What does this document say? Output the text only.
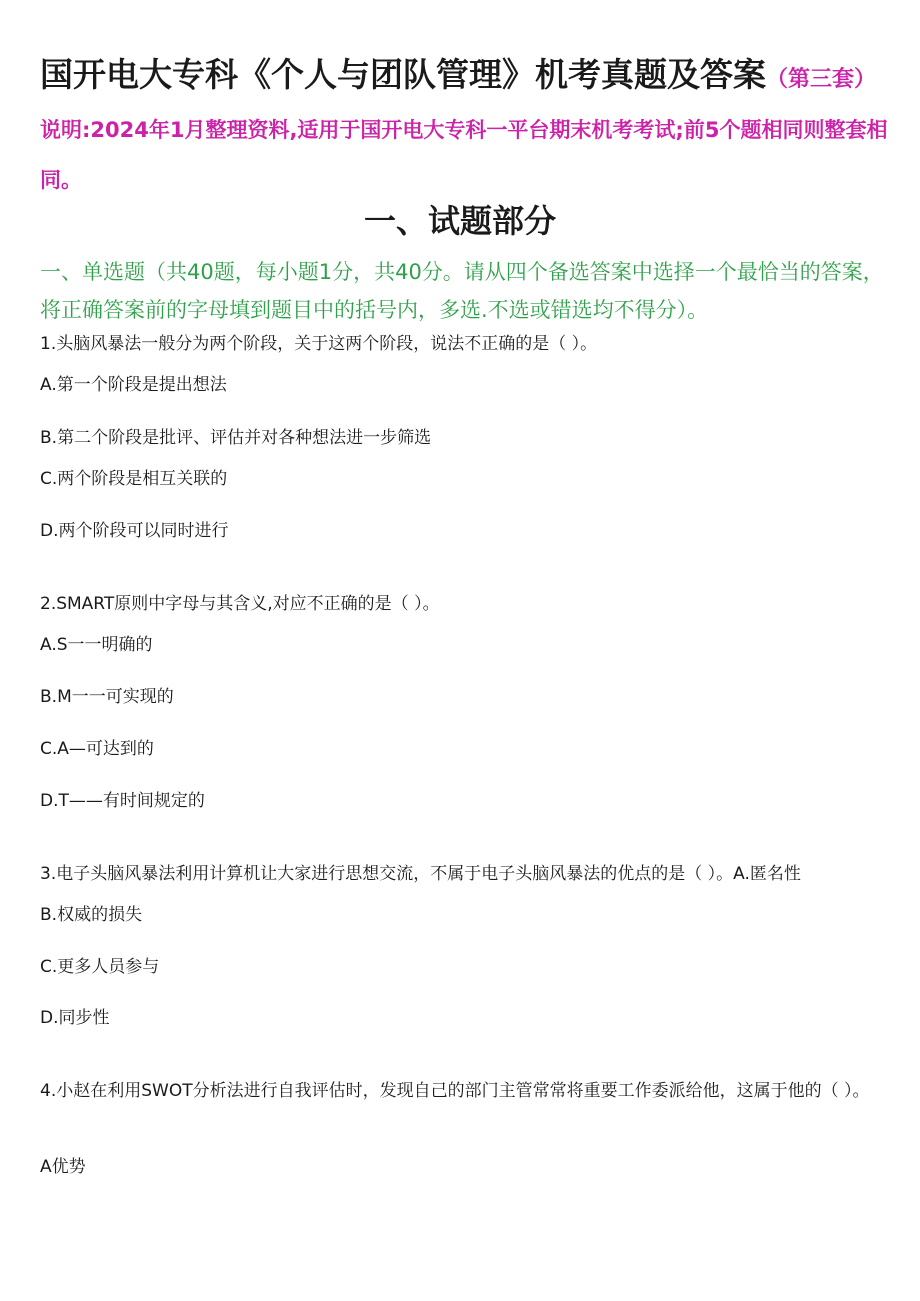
国开电大专科《个人与团队管理》机考真题及答案（第三套）说明:2024年1月整理资料,适用于国开电大专科一平台期末机考考试;前5个题相同则整套相同。
一、试题部分

一、单选题（共40题，每小题1分，共40分。请从四个备选答案中选择一个最恰当的答案，将正确答案前的字母填到题目中的括号内，多选.不选或错选均不得分）。

1.头脑风暴法一般分为两个阶段，关于这两个阶段，说法不正确的是（ ）。

A.第一个阶段是提出想法

B.第二个阶段是批评、评估并对各种想法进一步筛选

C.两个阶段是相互关联的

D.两个阶段可以同时进行

2.SMART原则中字母与其含义,对应不正确的是（ ）。

A.S一一明确的

B.M一一可实现的

C.A—可达到的

D.T——有时间规定的

3.电子头脑风暴法利用计算机让大家进行思想交流，不属于电子头脑风暴法的优点的是（ ）。A.匿名性

B.权威的损失

C.更多人员参与

D.同步性

4.小赵在利用SWOT分析法进行自我评估时，发现自己的部门主管常常将重要工作委派给他，这属于他的（ ）。

A优势
